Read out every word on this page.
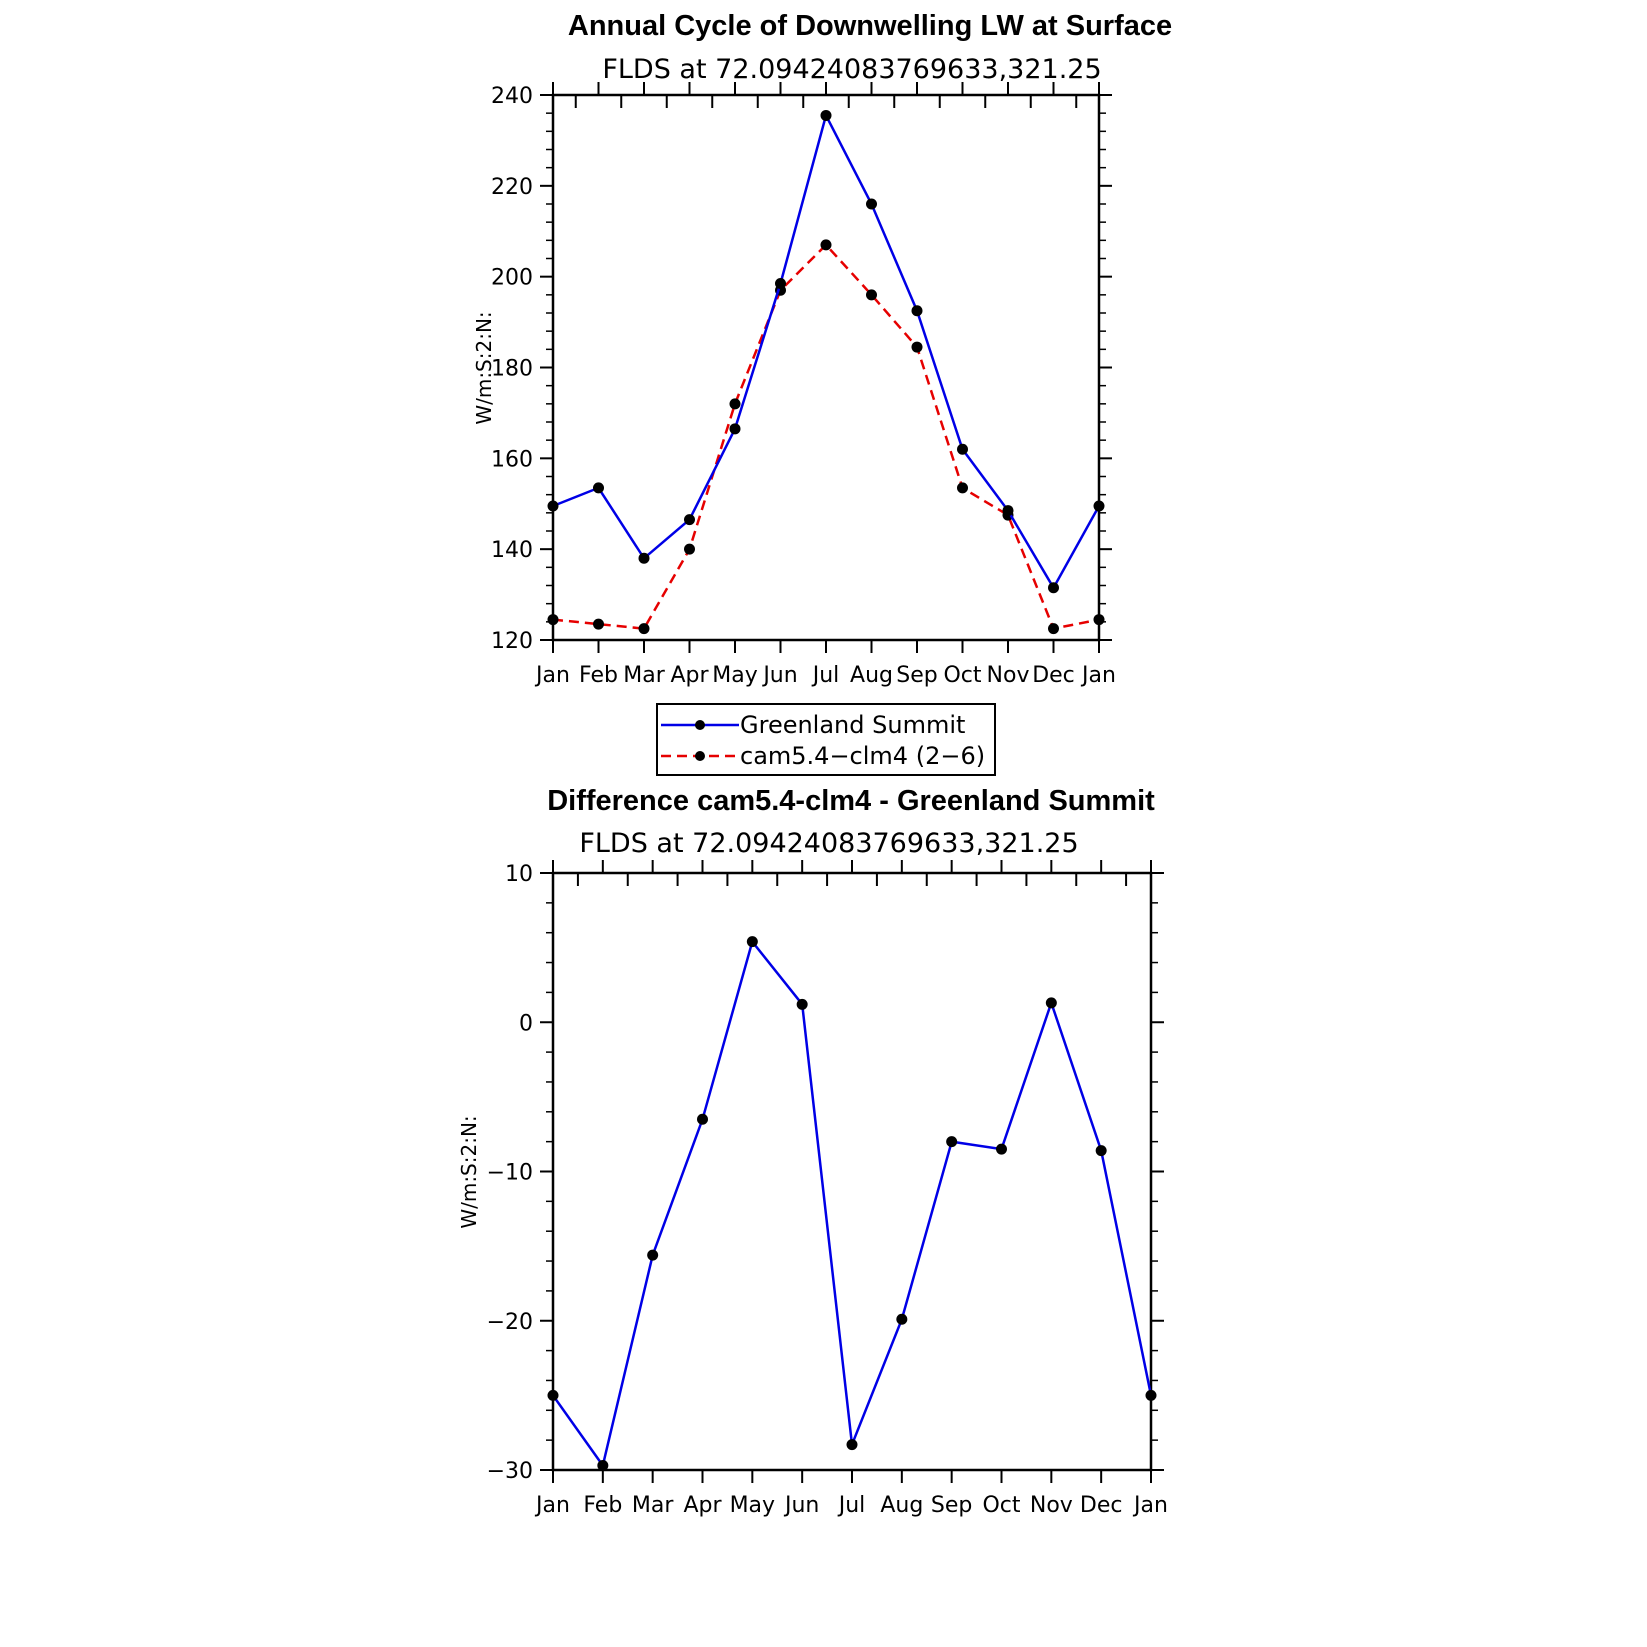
Annual Cycle of Downwelling LW at Surface
FLDS at 72.09424083769633,321.25
W/m:S:2:N:
Jan Feb Mar Apr May Jun Jul Aug Sep Oct Nov Dec Jan
120
140
160
180
200
220
240
Greenland Summit
cam5.4−clm4 (2−6)
Difference cam5.4-clm4 - Greenland Summit
FLDS at 72.09424083769633,321.25
W/m:S:2:N:
Jan Feb Mar Apr May Jun Jul Aug Sep Oct Nov Dec Jan
−30
−20
−10
0
10
